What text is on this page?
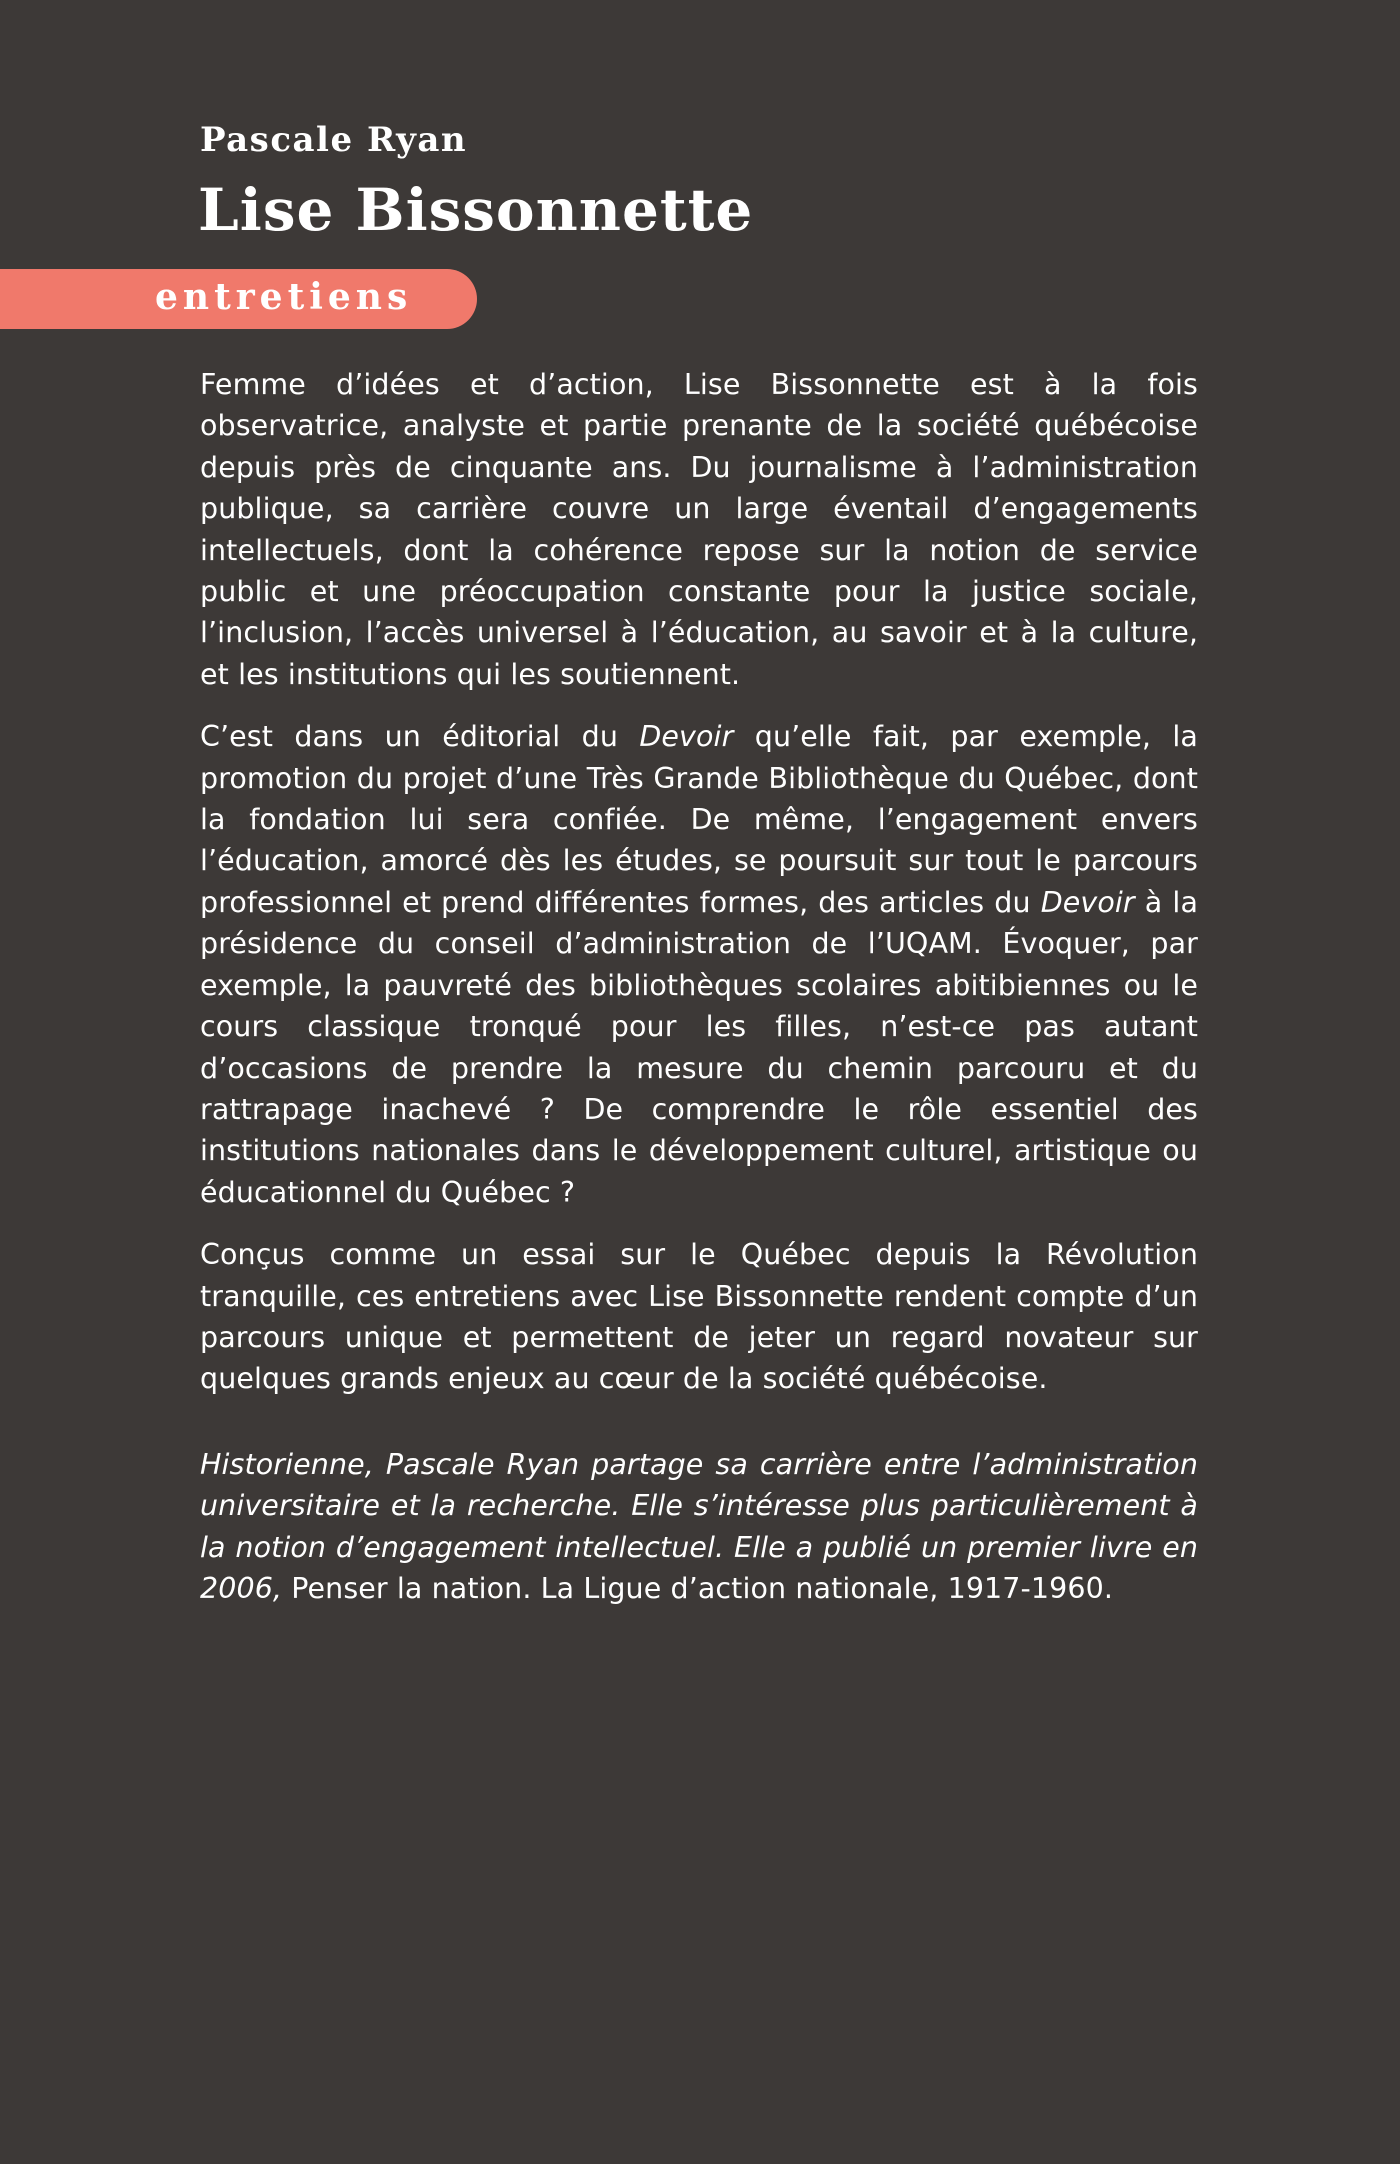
Pascale Ryan
Lise Bissonnette
entretiens

Femme d’idées et d’action, Lise Bissonnette est à la fois observatrice, analyste et partie prenante de la société québécoise depuis près de cinquante ans. Du journalisme à l’administration publique, sa carrière couvre un large éventail d’engagements intellectuels, dont la cohérence repose sur la notion de service public et une préoccupation constante pour la justice sociale, l’inclusion, l’accès universel à l’éducation, au savoir et à la culture, et les institutions qui les soutiennent.

C’est dans un éditorial du Devoir qu’elle fait, par exemple, la promotion du projet d’une Très Grande Bibliothèque du Québec, dont la fondation lui sera confiée. De même, l’engagement envers l’éducation, amorcé dès les études, se poursuit sur tout le parcours professionnel et prend différentes formes, des articles du Devoir à la présidence du conseil d’administration de l’UQAM. Évoquer, par exemple, la pauvreté des bibliothèques scolaires abitibiennes ou le cours classique tronqué pour les filles, n’est-ce pas autant d’occasions de prendre la mesure du chemin parcouru et du rattrapage inachevé ? De comprendre le rôle essentiel des institutions nationales dans le développement culturel, artistique ou éducationnel du Québec ?

Conçus comme un essai sur le Québec depuis la Révolution tranquille, ces entretiens avec Lise Bissonnette rendent compte d’un parcours unique et permettent de jeter un regard novateur sur quelques grands enjeux au cœur de la société québécoise.

Historienne, Pascale Ryan partage sa carrière entre l’administration universitaire et la recherche. Elle s’intéresse plus particulièrement à la notion d’engagement intellectuel. Elle a publié un premier livre en 2006, Penser la nation. La Ligue d’action nationale, 1917-1960.
